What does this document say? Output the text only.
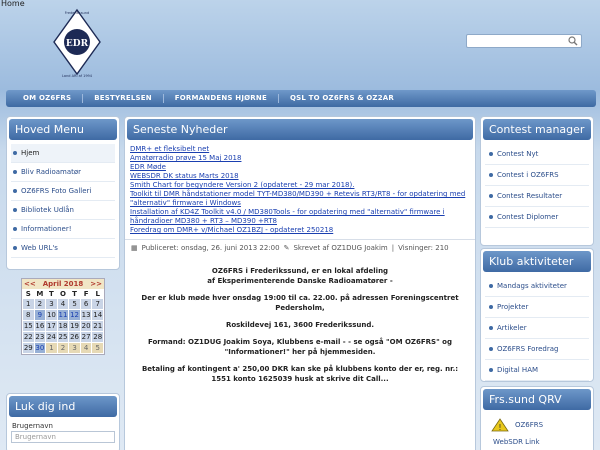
Home
EDR
Frederikssund
Land ARI af 1994
OM OZ6FRS	BESTYRELSEN	FORMANDENS HJØRNE	QSL TO OZ6FRS & OZ2AR
Hoved Menu
Hjem
Bliv Radioamatør
OZ6FRS Foto Galleri
Bibliotek Udlån
Informationer!
Web URL's
<< April 2018 >>
S M T O T F L
1	2	3	4	5	6	7
8	9 10 11 12 13 14
15 16 17 18 19 20 21
22 23 24 25 26 27 28
29 30 1	2	3	4	5
Luk dig ind
Brugernavn
Brugernavn
Seneste Nyheder
DMR+ et fleksibelt net
Amatørradio prøve 15 Maj 2018
EDR Møde
WEBSDR DK status Marts 2018
Smith Chart for begyndere Version 2 (opdateret - 29 mar 2018).
Toolkit til DMR håndstationer model TYT-MD380/MD390 + Retevis RT3/RT8 - for opdatering med "alternativ" firmware i Windows
Installation af KD4Z Toolkit v4.0 / MD380Tools - for opdatering med "alternativ" firmware i håndradioer MD380 + RT3 – MD390 +RT8
Foredrag om DMR+ v/Michael OZ1BZJ - opdateret 250218
▦ Publiceret: onsdag, 26. juni 2013 22:00 ✎ Skrevet af OZ1DUG Joakim | Visninger: 210

OZ6FRS i Frederikssund, er en lokal afdeling
af Eksperimenterende Danske Radioamatører -

Der er klub møde hver onsdag 19:00 til ca. 22.00. på adressen Foreningscentret Pedersholm,

Roskildevej 161, 3600 Frederikssund.

Formand: OZ1DUG Joakim Soya, Klubbens e-mail - - se også "OM OZ6FRS" og "Informationer!" her på hjemmesiden.

Betaling af kontingent a' 250,00 DKR kan ske på klubbens konto der er, reg. nr.: 1551 konto 1625039 husk at skrive dit Call...

Contest manager
Contest Nyt
Contest i OZ6FRS
Contest Resultater
Contest Diplomer
Klub aktiviteter
Mandags aktiviteter
Projekter
Artikeler
OZ6FRS Foredrag
Digital HAM
Frs.sund QRV
! OZ6FRS
WebSDR Link
